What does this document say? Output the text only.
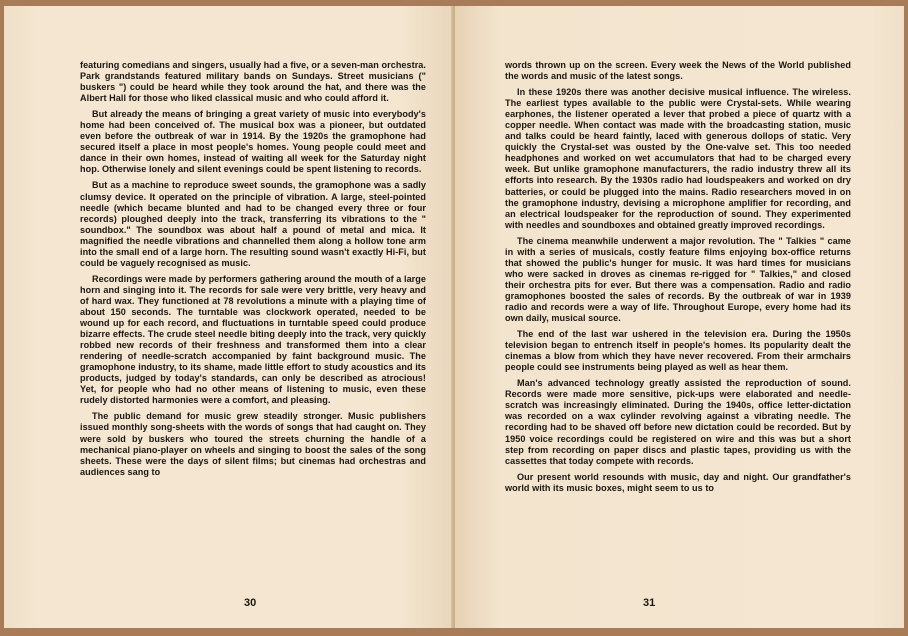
featuring comedians and singers, usually had a five, or a seven-man orchestra. Park grandstands featured military bands on Sundays. Street musicians (" buskers ") could be heard while they took around the hat, and there was the Albert Hall for those who liked classical music and who could afford it.

But already the means of bringing a great variety of music into everybody's home had been conceived of. The musical box was a pioneer, but outdated even before the outbreak of war in 1914. By the 1920s the gramophone had secured itself a place in most people's homes. Young people could meet and dance in their own homes, instead of waiting all week for the Saturday night hop. Otherwise lonely and silent evenings could be spent listening to records.

But as a machine to reproduce sweet sounds, the gramophone was a sadly clumsy device. It operated on the principle of vibration. A large, steel-pointed needle (which became blunted and had to be changed every three or four records) ploughed deeply into the track, transferring its vibrations to the " soundbox." The soundbox was about half a pound of metal and mica. It magnified the needle vibrations and channelled them along a hollow tone arm into the small end of a large horn. The resulting sound wasn't exactly Hi-Fi, but could be vaguely recognised as music.

Recordings were made by performers gathering around the mouth of a large horn and singing into it. The records for sale were very brittle, very heavy and of hard wax. They functioned at 78 revolutions a minute with a playing time of about 150 seconds. The turntable was clockwork operated, needed to be wound up for each record, and fluctuations in turntable speed could produce bizarre effects. The crude steel needle biting deeply into the track, very quickly robbed new records of their freshness and transformed them into a clear rendering of needle-scratch accompanied by faint background music. The gramophone industry, to its shame, made little effort to study acoustics and its products, judged by today's standards, can only be described as atrocious! Yet, for people who had no other means of listening to music, even these rudely distorted harmonies were a comfort, and pleasing.

The public demand for music grew steadily stronger. Music publishers issued monthly song-sheets with the words of songs that had caught on. They were sold by buskers who toured the streets churning the handle of a mechanical piano-player on wheels and singing to boost the sales of the song sheets. These were the days of silent films; but cinemas had orchestras and audiences sang to

30

words thrown up on the screen. Every week the News of the World published the words and music of the latest songs.

In these 1920s there was another decisive musical influence. The wireless. The earliest types available to the public were Crystal-sets. While wearing earphones, the listener operated a lever that probed a piece of quartz with a copper needle. When contact was made with the broadcasting station, music and talks could be heard faintly, laced with generous dollops of static. Very quickly the Crystal-set was ousted by the One-valve set. This too needed headphones and worked on wet accumulators that had to be charged every week. But unlike gramophone manufacturers, the radio industry threw all its efforts into research. By the 1930s radio had loudspeakers and worked on dry batteries, or could be plugged into the mains. Radio researchers moved in on the gramophone industry, devising a microphone amplifier for recording, and an electrical loudspeaker for the reproduction of sound. They experimented with needles and soundboxes and obtained greatly improved recordings.

The cinema meanwhile underwent a major revolution. The " Talkies " came in with a series of musicals, costly feature films enjoying box-office returns that showed the public's hunger for music. It was hard times for musicians who were sacked in droves as cinemas re-rigged for " Talkies," and closed their orchestra pits for ever. But there was a compensation. Radio and radio gramophones boosted the sales of records. By the outbreak of war in 1939 radio and records were a way of life. Throughout Europe, every home had its own daily, musical source.

The end of the last war ushered in the television era. During the 1950s television began to entrench itself in people's homes. Its popularity dealt the cinemas a blow from which they have never recovered. From their armchairs people could see instruments being played as well as hear them.

Man's advanced technology greatly assisted the reproduction of sound. Records were made more sensitive, pick-ups were elaborated and needle-scratch was increasingly eliminated. During the 1940s, office letter-dictation was recorded on a wax cylinder revolving against a vibrating needle. The recording had to be shaved off before new dictation could be recorded. But by 1950 voice recordings could be registered on wire and this was but a short step from recording on paper discs and plastic tapes, providing us with the cassettes that today compete with records.

Our present world resounds with music, day and night. Our grandfather's world with its music boxes, might seem to us to

31
